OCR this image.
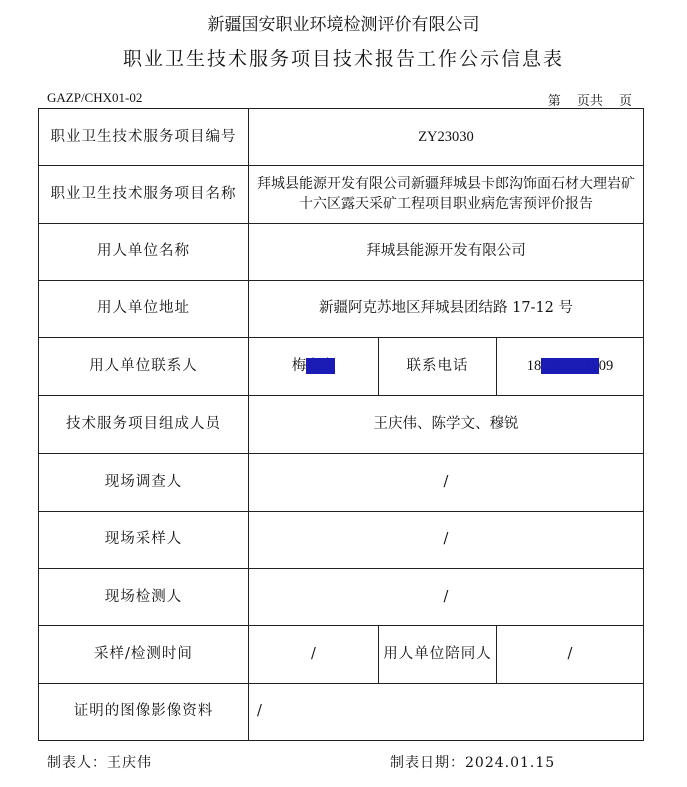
新疆国安职业环境检测评价有限公司
职业卫生技术服务项目技术报告工作公示信息表
GAZP/CHX01-02	第 页共 页
职业卫生技术服务项目编号	ZY23030		
职业卫生技术服务项目名称	拜城县能源开发有限公司新疆拜城县卡郎沟饰面石材大理岩矿十六区露天采矿工程项目职业病危害预评价报告		
用人单位名称	拜城县能源开发有限公司		
用人单位地址	新疆阿克苏地区拜城县团结路 17-12 号		
用人单位联系人	梅安安	联系电话	181908811009
技术服务项目组成人员	王庆伟、陈学文、穆锐		
现场调查人	/		
现场采样人	/		
现场检测人	/		
采样/检测时间	/	用人单位陪同人	/
证明的图像影像资料	/		
制表人：王庆伟	制表日期：2024.01.15
